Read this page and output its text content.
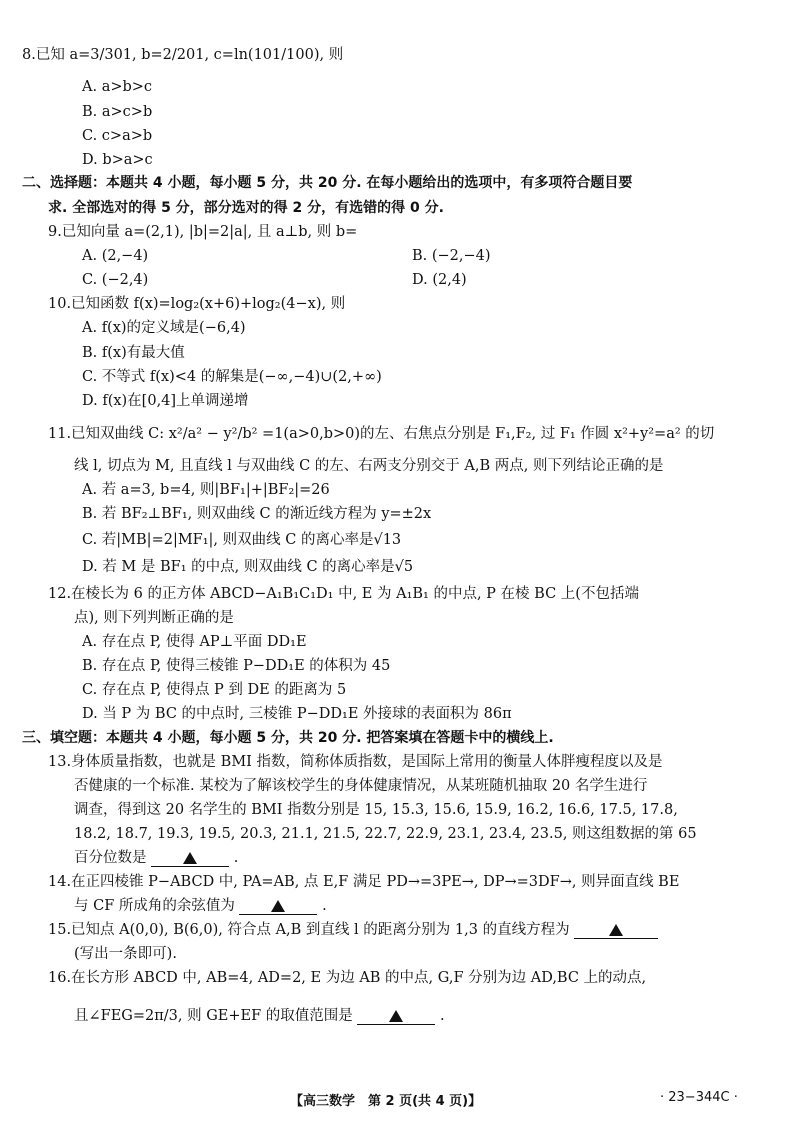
8.已知 a=3/301, b=2/201, c=ln(101/100), 则
A. a>b>c
B. a>c>b
C. c>a>b
D. b>a>c
二、选择题：本题共 4 小题，每小题 5 分，共 20 分. 在每小题给出的选项中，有多项符合题目要
求. 全部选对的得 5 分，部分选对的得 2 分，有选错的得 0 分.
9.已知向量 a=(2,1), |b|=2|a|, 且 a⊥b, 则 b=
A. (2,−4)	B. (−2,−4)
C. (−2,4)	D. (2,4)
10.已知函数 f(x)=log₂(x+6)+log₂(4−x), 则
A. f(x)的定义域是(−6,4)
B. f(x)有最大值
C. 不等式 f(x)<4 的解集是(−∞,−4)∪(2,+∞)
D. f(x)在[0,4]上单调递增
11.已知双曲线 C: x²/a² − y²/b² =1(a>0,b>0)的左、右焦点分别是 F₁,F₂, 过 F₁ 作圆 x²+y²=a² 的切
线 l, 切点为 M, 且直线 l 与双曲线 C 的左、右两支分别交于 A,B 两点, 则下列结论正确的是
A. 若 a=3, b=4, 则|BF₁|+|BF₂|=26
B. 若 BF₂⊥BF₁, 则双曲线 C 的渐近线方程为 y=±2x
C. 若|MB|=2|MF₁|, 则双曲线 C 的离心率是√13
D. 若 M 是 BF₁ 的中点, 则双曲线 C 的离心率是√5
12.在棱长为 6 的正方体 ABCD−A₁B₁C₁D₁ 中, E 为 A₁B₁ 的中点, P 在棱 BC 上(不包括端
点), 则下列判断正确的是
A. 存在点 P, 使得 AP⊥平面 DD₁E
B. 存在点 P, 使得三棱锥 P−DD₁E 的体积为 45
C. 存在点 P, 使得点 P 到 DE 的距离为 5
D. 当 P 为 BC 的中点时, 三棱锥 P−DD₁E 外接球的表面积为 86π
三、填空题：本题共 4 小题，每小题 5 分，共 20 分. 把答案填在答题卡中的横线上.
13.身体质量指数，也就是 BMI 指数，简称体质指数，是国际上常用的衡量人体胖瘦程度以及是
否健康的一个标准. 某校为了解该校学生的身体健康情况，从某班随机抽取 20 名学生进行
调查，得到这 20 名学生的 BMI 指数分别是 15, 15.3, 15.6, 15.9, 16.2, 16.6, 17.5, 17.8,
18.2, 18.7, 19.3, 19.5, 20.3, 21.1, 21.5, 22.7, 22.9, 23.1, 23.4, 23.5, 则这组数据的第 65
百分位数是	.
14.在正四棱锥 P−ABCD 中, PA=AB, 点 E,F 满足 PD→=3PE→, DP→=3DF→, 则异面直线 BE
与 CF 所成角的余弦值为	.
15.已知点 A(0,0), B(6,0), 符合点 A,B 到直线 l 的距离分别为 1,3 的直线方程为
(写出一条即可).
16.在长方形 ABCD 中, AB=4, AD=2, E 为边 AB 的中点, G,F 分别为边 AD,BC 上的动点,
且∠FEG=2π/3, 则 GE+EF 的取值范围是	.
【高三数学　第 2 页(共 4 页)】	· 23−344C ·
